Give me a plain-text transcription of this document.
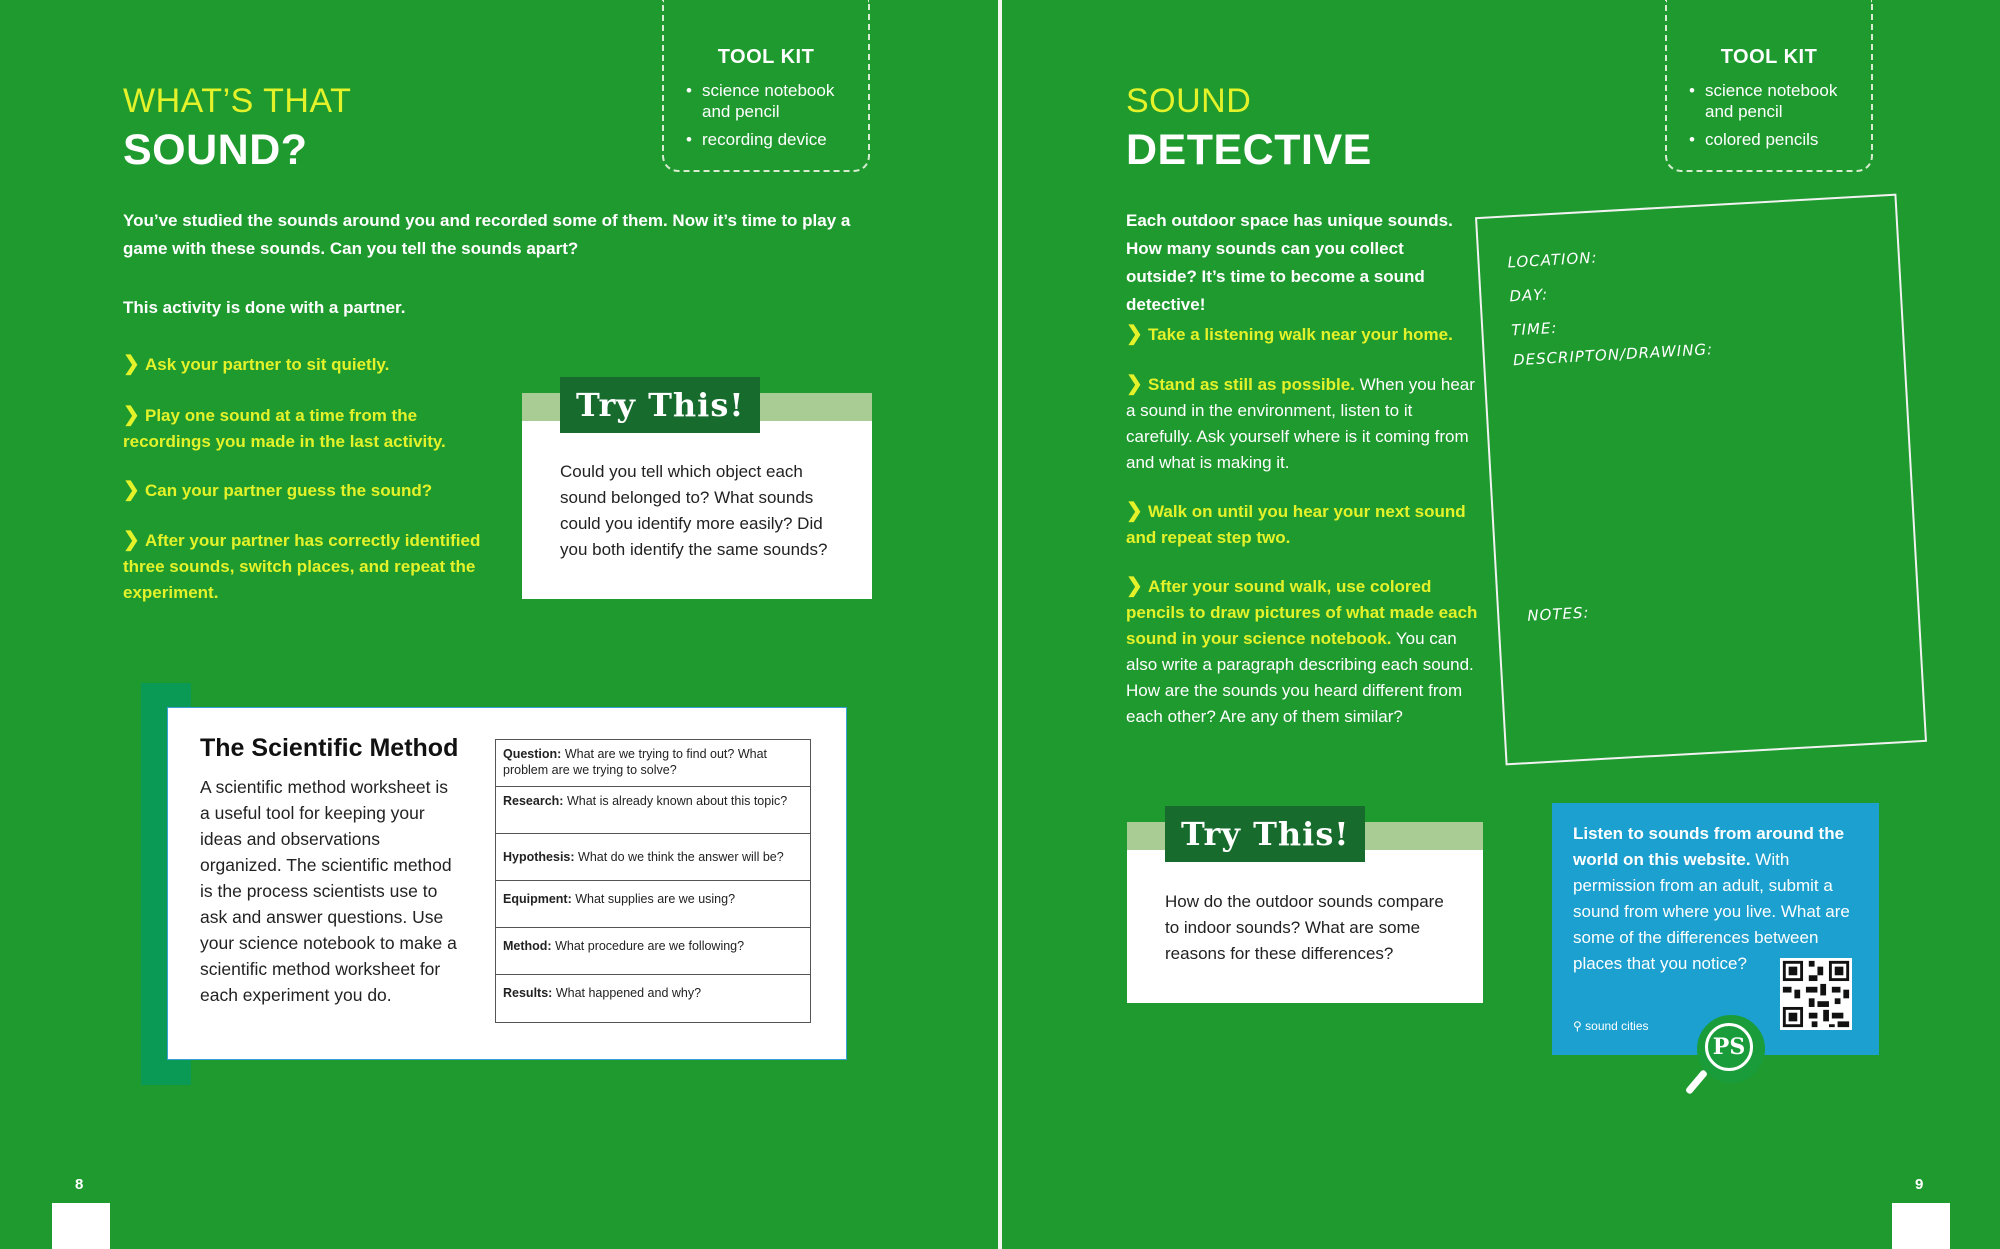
WHAT’S THAT
SOUND?
TOOL KIT
• science notebook and pencil
• recording device
You’ve studied the sounds around you and recorded some of them. Now it’s time to play a game with these sounds. Can you tell the sounds apart?
This activity is done with a partner.
❯ Ask your partner to sit quietly.
❯ Play one sound at a time from the recordings you made in the last activity.
❯ Can your partner guess the sound?
❯ After your partner has correctly identified three sounds, switch places, and repeat the experiment.
Try This!
Could you tell which object each sound belonged to? What sounds could you identify more easily? Did you both identify the same sounds?
The Scientific Method
A scientific method worksheet is a useful tool for keeping your ideas and observations organized. The scientific method is the process scientists use to ask and answer questions. Use your science notebook to make a scientific method worksheet for each experiment you do.
Question: What are we trying to find out? What problem are we trying to solve?
Research: What is already known about this topic?
Hypothesis: What do we think the answer will be?
Equipment: What supplies are we using?
Method: What procedure are we following?
Results: What happened and why?
8
SOUND
DETECTIVE
TOOL KIT
• science notebook and pencil
• colored pencils
Each outdoor space has unique sounds. How many sounds can you collect outside? It’s time to become a sound detective!
❯ Take a listening walk near your home.
❯ Stand as still as possible. When you hear a sound in the environment, listen to it carefully. Ask yourself where is it coming from and what is making it.
❯ Walk on until you hear your next sound and repeat step two.
❯ After your sound walk, use colored pencils to draw pictures of what made each sound in your science notebook. You can also write a paragraph describing each sound. How are the sounds you heard different from each other? Are any of them similar?
Try This!
How do the outdoor sounds compare to indoor sounds? What are some reasons for these differences?
LOCATION:
DAY:
TIME:
DESCRIPTON/DRAWING:
NOTES:
Listen to sounds from around the world on this website. With permission from an adult, submit a sound from where you live. What are some of the differences between places that you notice?
⚲ sound cities
PS
9
